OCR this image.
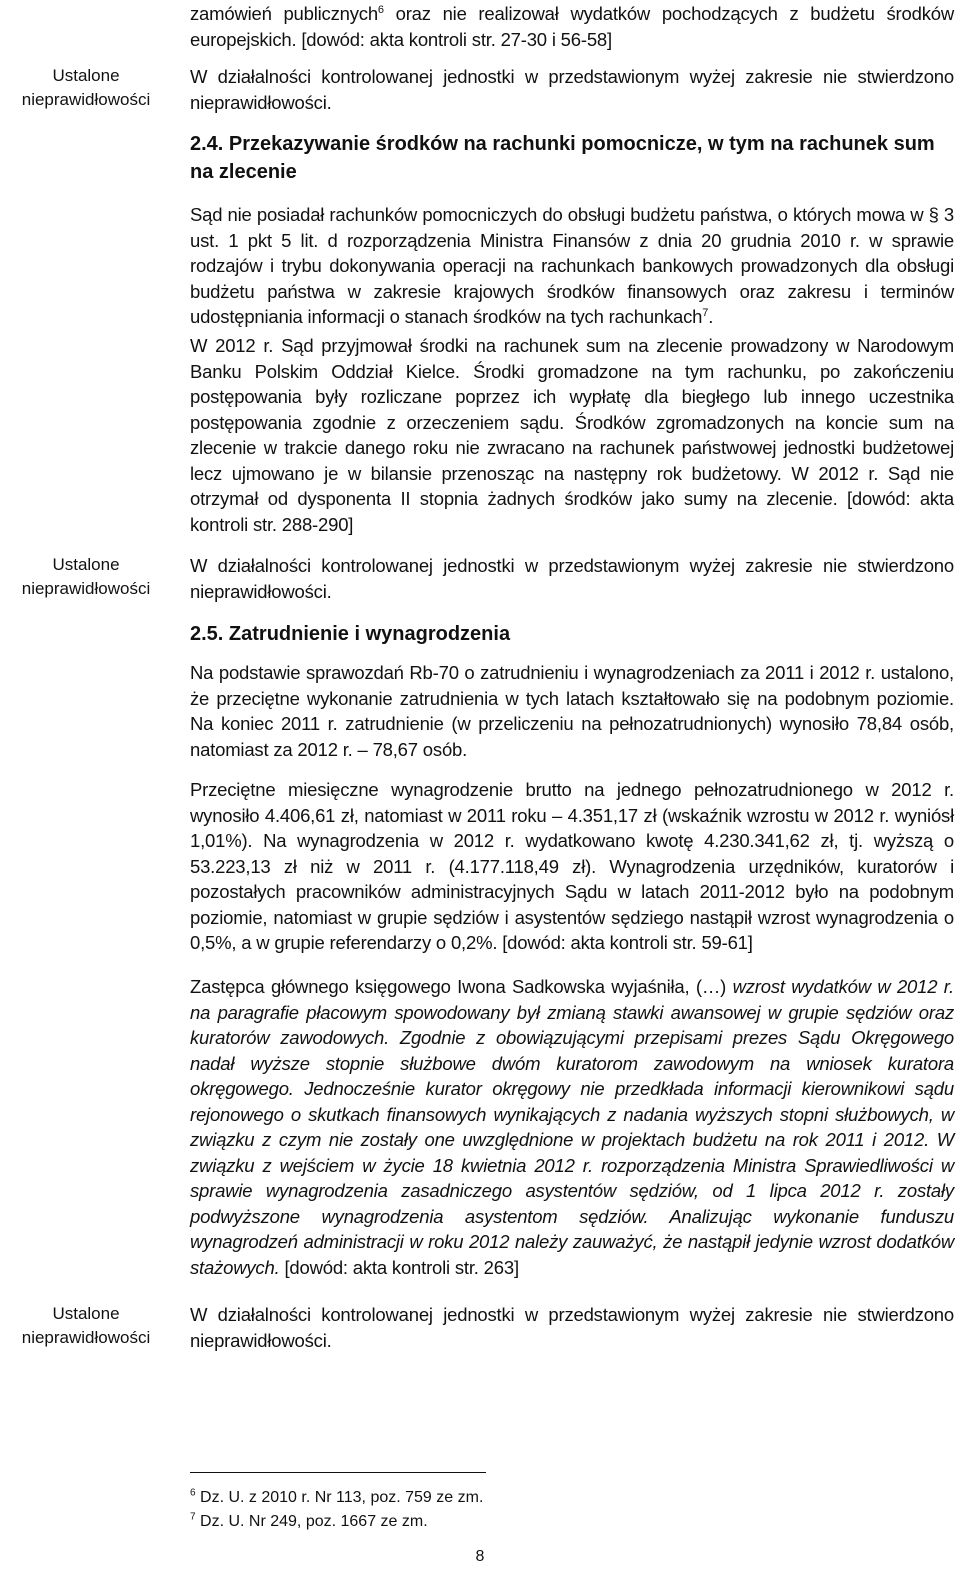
Ustalone
nieprawidłowości
Ustalone
nieprawidłowości
Ustalone
nieprawidłowości

zamówień publicznych$^6$ oraz nie realizował wydatków pochodzących z budżetu środków europejskich. [dowód: akta kontroli str. 27-30 i 56-58]

W działalności kontrolowanej jednostki w przedstawionym wyżej zakresie nie stwierdzono nieprawidłowości.

2.4. Przekazywanie środków na rachunki pomocnicze, w tym na rachunek sum na zlecenie

Sąd nie posiadał rachunków pomocniczych do obsługi budżetu państwa, o których mowa w § 3 ust. 1 pkt 5 lit. d rozporządzenia Ministra Finansów z dnia 20 grudnia 2010 r. w sprawie rodzajów i trybu dokonywania operacji na rachunkach bankowych prowadzonych dla obsługi budżetu państwa w zakresie krajowych środków finansowych oraz zakresu i terminów udostępniania informacji o stanach środków na tych rachunkach$^7$.

W 2012 r. Sąd przyjmował środki na rachunek sum na zlecenie prowadzony w Narodowym Banku Polskim Oddział Kielce. Środki gromadzone na tym rachunku, po zakończeniu postępowania były rozliczane poprzez ich wypłatę dla biegłego lub innego uczestnika postępowania zgodnie z orzeczeniem sądu. Środków zgromadzonych na koncie sum na zlecenie w trakcie danego roku nie zwracano na rachunek państwowej jednostki budżetowej lecz ujmowano je w bilansie przenosząc na następny rok budżetowy. W 2012 r. Sąd nie otrzymał od dysponenta II stopnia żadnych środków jako sumy na zlecenie. [dowód: akta kontroli str. 288-290]

W działalności kontrolowanej jednostki w przedstawionym wyżej zakresie nie stwierdzono nieprawidłowości.

2.5. Zatrudnienie i wynagrodzenia

Na podstawie sprawozdań Rb-70 o zatrudnieniu i wynagrodzeniach za 2011 i 2012 r. ustalono, że przeciętne wykonanie zatrudnienia w tych latach kształtowało się na podobnym poziomie. Na koniec 2011 r. zatrudnienie (w przeliczeniu na pełnozatrudnionych) wynosiło 78,84 osób, natomiast za 2012 r. – 78,67 osób.

Przeciętne miesięczne wynagrodzenie brutto na jednego pełnozatrudnionego w 2012 r. wynosiło 4.406,61 zł, natomiast w 2011 roku – 4.351,17 zł (wskaźnik wzrostu w 2012 r. wyniósł 1,01%). Na wynagrodzenia w 2012 r. wydatkowano kwotę 4.230.341,62 zł, tj. wyższą o 53.223,13 zł niż w 2011 r. (4.177.118,49 zł). Wynagrodzenia urzędników, kuratorów i pozostałych pracowników administracyjnych Sądu w latach 2011-2012 było na podobnym poziomie, natomiast w grupie sędziów i asystentów sędziego nastąpił wzrost wynagrodzenia o 0,5%, a w grupie referendarzy o 0,2%. [dowód: akta kontroli str. 59-61]

Zastępca głównego księgowego Iwona Sadkowska wyjaśniła, (…) wzrost wydatków w 2012 r. na paragrafie płacowym spowodowany był zmianą stawki awansowej w grupie sędziów oraz kuratorów zawodowych. Zgodnie z obowiązującymi przepisami prezes Sądu Okręgowego nadał wyższe stopnie służbowe dwóm kuratorom zawodowym na wniosek kuratora okręgowego. Jednocześnie kurator okręgowy nie przedkłada informacji kierownikowi sądu rejonowego o skutkach finansowych wynikających z nadania wyższych stopni służbowych, w związku z czym nie zostały one uwzględnione w projektach budżetu na rok 2011 i 2012. W związku z wejściem w życie 18 kwietnia 2012 r. rozporządzenia Ministra Sprawiedliwości w sprawie wynagrodzenia zasadniczego asystentów sędziów, od 1 lipca 2012 r. zostały podwyższone wynagrodzenia asystentom sędziów. Analizując wykonanie funduszu wynagrodzeń administracji w roku 2012 należy zauważyć, że nastąpił jedynie wzrost dodatków stażowych. [dowód: akta kontroli str. 263]

W działalności kontrolowanej jednostki w przedstawionym wyżej zakresie nie stwierdzono nieprawidłowości.

$^6$ Dz. U. z 2010 r. Nr 113, poz. 759 ze zm.
$^7$ Dz. U. Nr 249, poz. 1667 ze zm.
8
